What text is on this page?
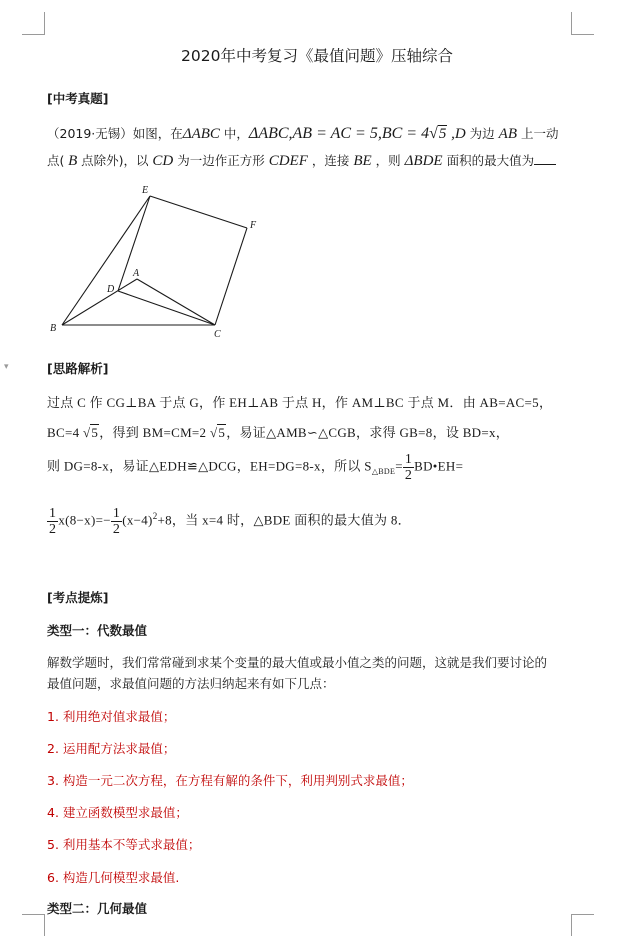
▾
2020年中考复习《最值问题》压轴综合
[中考真题]
（2019·无锡）如图，在ΔABC 中，ΔABC,AB = AC = 5,BC = 4√5 ,D 为边 AB 上一动
点( B 点除外)，以 CD 为一边作正方形 CDEF ，连接 BE ，则 ΔBDE 面积的最大值为
E
F
A
D
B
C
[思路解析]
过点 C 作 CG⊥BA 于点 G，作 EH⊥AB 于点 H，作 AM⊥BC 于点 M．由 AB=AC=5，
BC=4 √5，得到 BM=CM=2 √5，易证△AMB∽△CGB，求得 GB=8，设 BD=x，
则 DG=8-x，易证△EDH≌△DCG，EH=DG=8-x，所以 $S_{\triangle BDE}= \frac{1}{2}$ BD•EH=
$\frac{1}{2} x(8-x)=- \frac{1}{2} (x-4)^2+8$，当 x=4 时，△BDE 面积的最大值为 8．
[考点提炼]
类型一：代数最值
解数学题时，我们常常碰到求某个变量的最大值或最小值之类的问题，这就是我们要讨论的
最值问题，求最值问题的方法归纳起来有如下几点：
1. 利用绝对值求最值；
2. 运用配方法求最值；
3. 构造一元二次方程，在方程有解的条件下，利用判别式求最值；
4. 建立函数模型求最值；
5. 利用基本不等式求最值；
6. 构造几何模型求最值.
类型二：几何最值
